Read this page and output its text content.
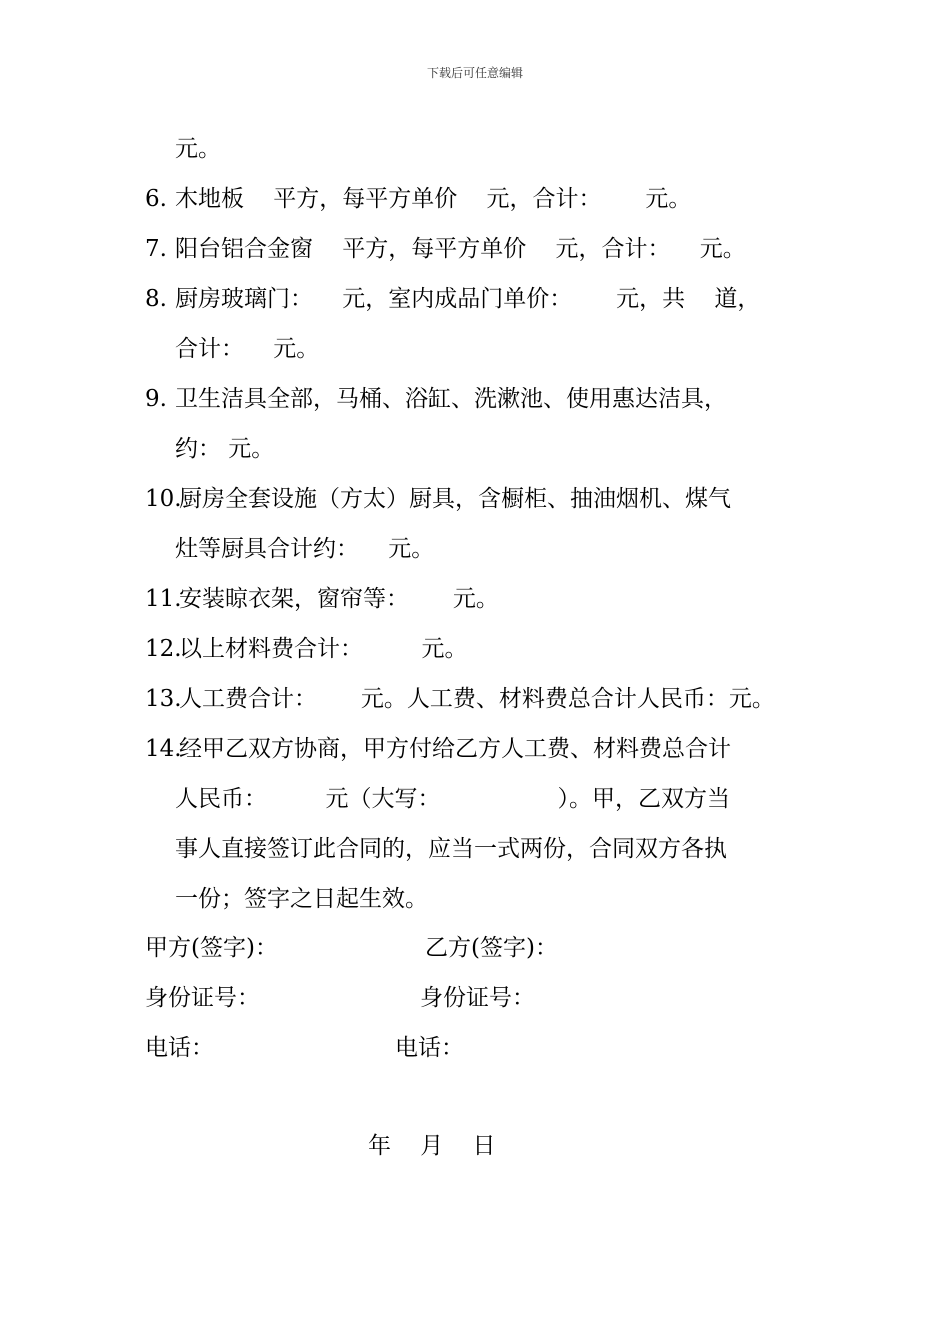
下载后可任意编辑
元。
6. 木地板    平方，每平方单价    元，合计：      元。
7. 阳台铝合金窗    平方，每平方单价    元，合计：    元。
8. 厨房玻璃门：    元，室内成品门单价：      元，共    道，
合计：    元。
9. 卫生洁具全部，马桶、浴缸、洗漱池、使用惠达洁具，
约： 元。
10.厨房全套设施（方太）厨具，含橱柜、抽油烟机、煤气
灶等厨具合计约：    元。
11.安装晾衣架，窗帘等：      元。
12.以上材料费合计：        元。
13.人工费合计：      元。人工费、材料费总合计人民币：元。
14.经甲乙双方协商，甲方付给乙方人工费、材料费总合计
人民币：        元（大写：                ）。甲，乙双方当
事人直接签订此合同的，应当一式两份，合同双方各执
一份；签字之日起生效。
甲方(签字)：	乙方(签字)：
身份证号：	身份证号：
电话：	电话：
年    月    日
